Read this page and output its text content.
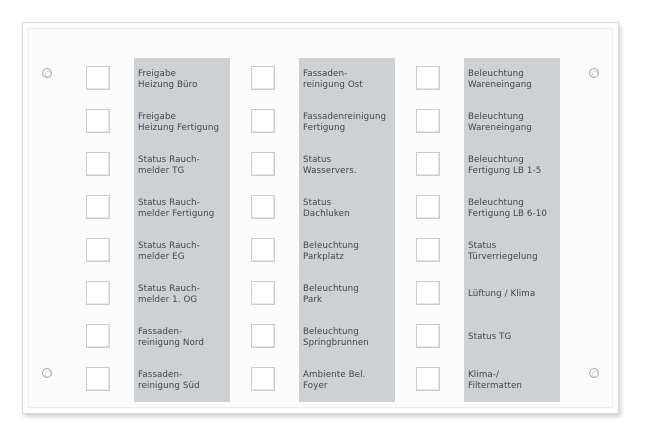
Freigabe
Heizung Büro
Freigabe
Heizung Fertigung
Status Rauch-
melder TG
Status Rauch-
melder Fertigung
Status Rauch-
melder EG
Status Rauch-
melder 1. OG
Fassaden-
reinigung Nord
Fassaden-
reinigung Süd
Fassaden-
reinigung Ost
Fassadenreinigung
Fertigung
Status
Wasservers.
Status
Dachluken
Beleuchtung
Parkplatz
Beleuchtung
Park
Beleuchtung
Springbrunnen
Ambiente Bel.
Foyer
Beleuchtung
Wareneingang
Beleuchtung
Wareneingang
Beleuchtung
Fertigung LB 1-5
Beleuchtung
Fertigung LB 6-10
Status
Türverriegelung
Lüftung / Klima
Status TG
Klima-/
Filtermatten
